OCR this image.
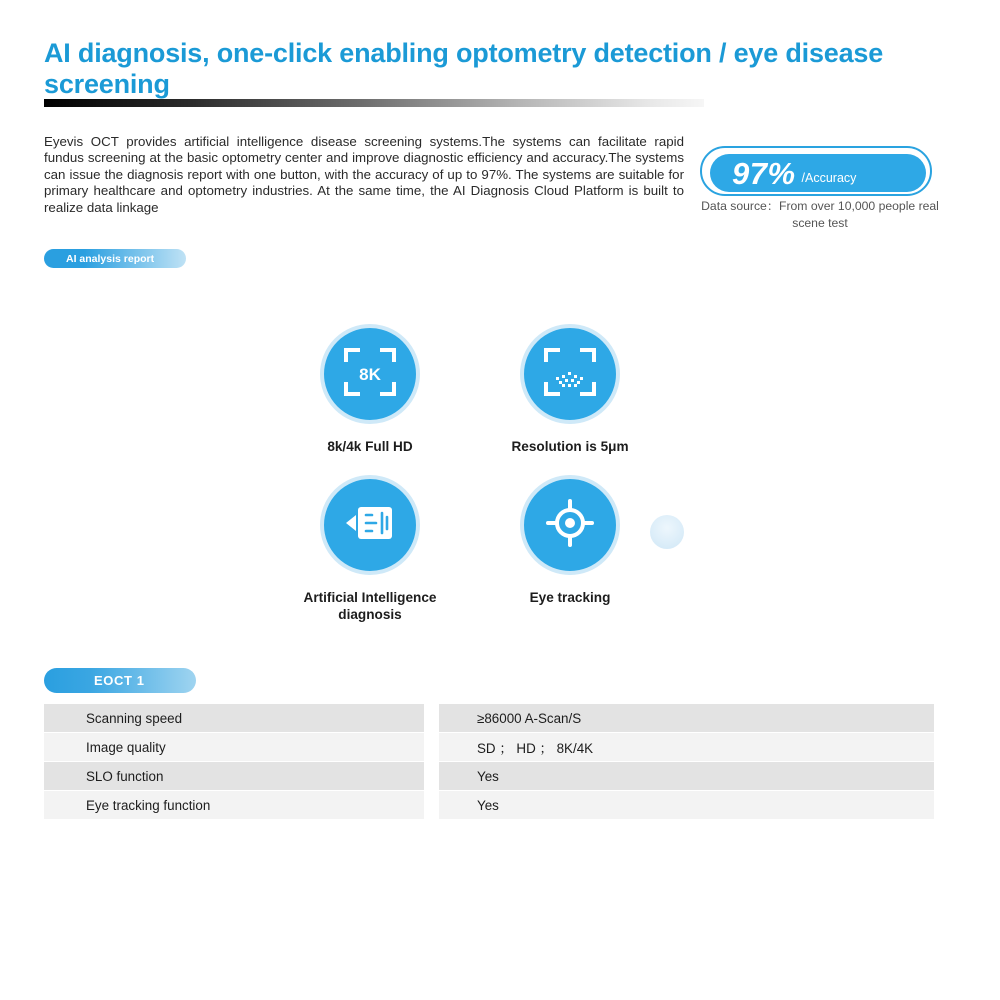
AI diagnosis, one-click enabling optometry detection / eye disease screening
Eyevis OCT provides artificial intelligence disease screening systems.The systems can facilitate rapid fundus screening at the basic optometry center and improve diagnostic efficiency and accuracy.The systems can issue the diagnosis report with one button, with the accuracy of up to 97%. The systems are suitable for primary healthcare and optometry industries. At the same time, the AI Diagnosis Cloud Platform is built to realize data linkage
97% /Accuracy
Data source：From over 10,000 people real scene test
AI analysis report
8K
8k/4k Full HD	Resolution is 5μm
Artificial Intelligence diagnosis
Eye tracking
EOCT 1
Scanning speed	≥86000 A-Scan/S
Image quality	SD ； HD ； 8K/4K
SLO function	Yes
Eye tracking function	Yes
